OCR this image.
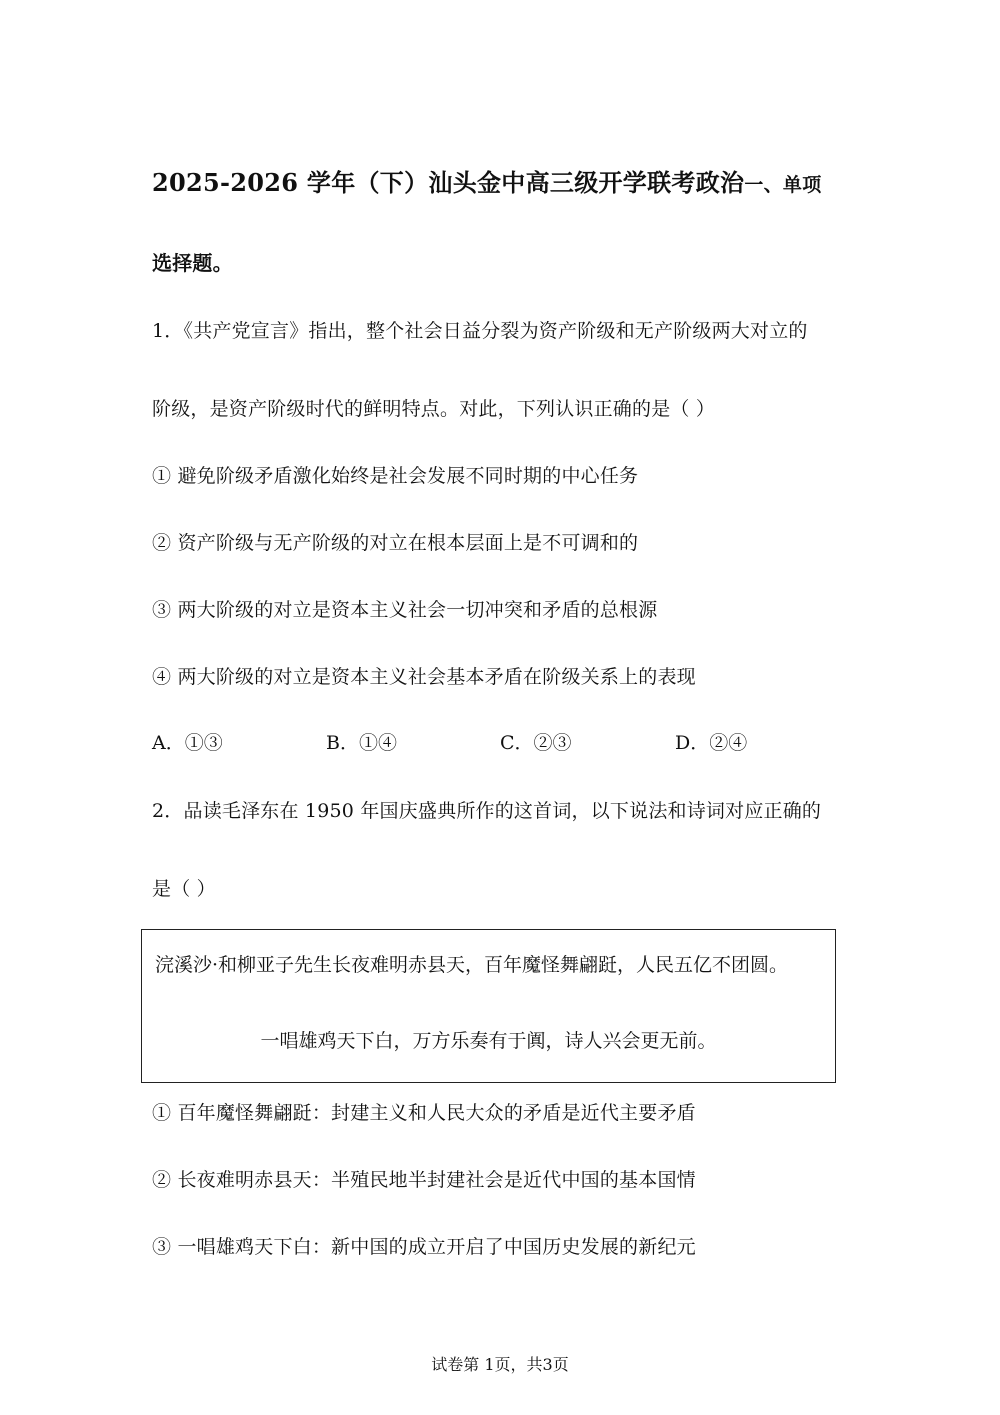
2025-2026 学年（下）汕头金中高三级开学联考政治一、单项
选择题。
1．《共产党宣言》指出，整个社会日益分裂为资产阶级和无产阶级两大对立的
阶级，是资产阶级时代的鲜明特点。对此，下列认识正确的是（ ）
① 避免阶级矛盾激化始终是社会发展不同时期的中心任务
② 资产阶级与无产阶级的对立在根本层面上是不可调和的
③ 两大阶级的对立是资本主义社会一切冲突和矛盾的总根源
④ 两大阶级的对立是资本主义社会基本矛盾在阶级关系上的表现
A．①③	B．①④	C．②③	D．②④
2．品读毛泽东在 1950 年国庆盛典所作的这首词，以下说法和诗词对应正确的
是（ ）
浣溪沙·和柳亚子先生长夜难明赤县天，百年魔怪舞翩跹，人民五亿不团圆。
一唱雄鸡天下白，万方乐奏有于阗，诗人兴会更无前。
① 百年魔怪舞翩跹：封建主义和人民大众的矛盾是近代主要矛盾
② 长夜难明赤县天：半殖民地半封建社会是近代中国的基本国情
③ 一唱雄鸡天下白：新中国的成立开启了中国历史发展的新纪元
试卷第 1页，共3页
